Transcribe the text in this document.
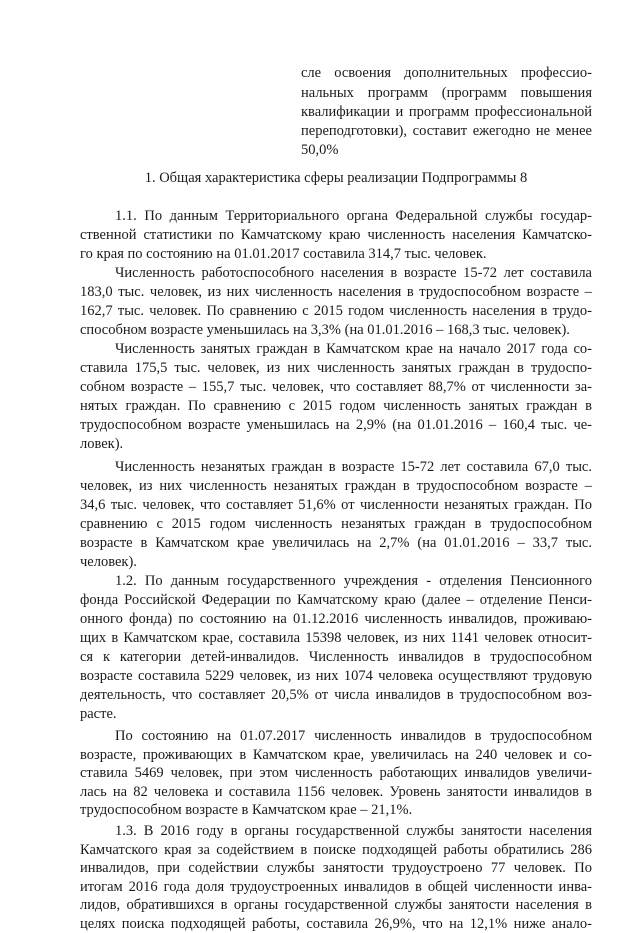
сле освоения дополнительных профессио-
нальных программ (программ повышения
квалификации и программ профессиональной
переподготовки), составит ежегодно не менее
50,0%
1. Общая характеристика сферы реализации Подпрограммы 8
1.1. По данным Территориального органа Федеральной службы государ-
ственной статистики по Камчатскому краю численность населения Камчатско-
го края по состоянию на 01.01.2017 составила 314,7 тыс. человек.
Численность работоспособного населения в возрасте 15-72 лет составила
183,0 тыс. человек, из них численность населения в трудоспособном возрасте –
162,7 тыс. человек. По сравнению с 2015 годом численность населения в трудо-
способном возрасте уменьшилась на 3,3% (на 01.01.2016 – 168,3 тыс. человек).
Численность занятых граждан в Камчатском крае на начало 2017 года со-
ставила 175,5 тыс. человек, из них численность занятых граждан в трудоспо-
собном возрасте – 155,7 тыс. человек, что составляет 88,7% от численности за-
нятых граждан. По сравнению с 2015 годом численность занятых граждан в
трудоспособном возрасте уменьшилась на 2,9% (на 01.01.2016 – 160,4 тыс. че-
ловек).
Численность незанятых граждан в возрасте 15-72 лет составила 67,0 тыс.
человек, из них численность незанятых граждан в трудоспособном возрасте –
34,6 тыс. человек, что составляет 51,6% от численности незанятых граждан. По
сравнению с 2015 годом численность незанятых граждан в трудоспособном
возрасте в Камчатском крае увеличилась на 2,7% (на 01.01.2016 – 33,7 тыс.
человек).
1.2. По данным государственного учреждения - отделения Пенсионного
фонда Российской Федерации по Камчатскому краю (далее – отделение Пенси-
онного фонда) по состоянию на 01.12.2016 численность инвалидов, проживаю-
щих в Камчатском крае, составила 15398 человек, из них 1141 человек относит-
ся к категории детей-инвалидов. Численность инвалидов в трудоспособном
возрасте составила 5229 человек, из них 1074 человека осуществляют трудовую
деятельность, что составляет 20,5% от числа инвалидов в трудоспособном воз-
расте.
По состоянию на 01.07.2017 численность инвалидов в трудоспособном
возрасте, проживающих в Камчатском крае, увеличилась на 240 человек и со-
ставила 5469 человек, при этом численность работающих инвалидов увеличи-
лась на 82 человека и составила 1156 человек. Уровень занятости инвалидов в
трудоспособном возрасте в Камчатском крае – 21,1%.
1.3. В 2016 году в органы государственной службы занятости населения
Камчатского края за содействием в поиске подходящей работы обратились 286
инвалидов, при содействии службы занятости трудоустроено 77 человек. По
итогам 2016 года доля трудоустроенных инвалидов в общей численности инва-
лидов, обратившихся в органы государственной службы занятости населения в
целях поиска подходящей работы, составила 26,9%, что на 12,1% ниже анало-
